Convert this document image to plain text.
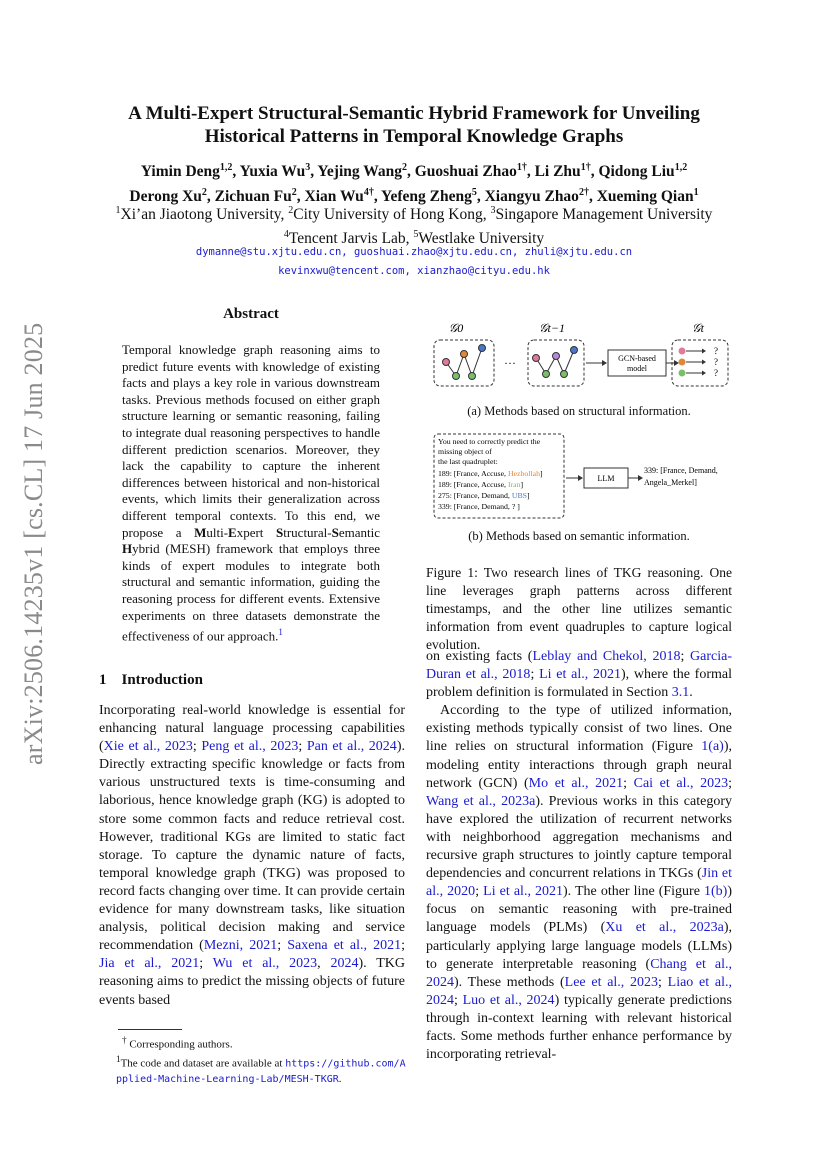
arXiv:2506.14235v1 [cs.CL] 17 Jun 2025
A Multi-Expert Structural-Semantic Hybrid Framework for Unveiling Historical Patterns in Temporal Knowledge Graphs
Yimin Deng$^{1,2}$, Yuxia Wu$^3$, Yejing Wang$^2$, Guoshuai Zhao$^{1\dagger}$, Li Zhu$^{1\dagger}$, Qidong Liu$^{1,2}$
Derong Xu$^2$, Zichuan Fu$^2$, Xian $Wu^{4\dagger}$, Yefeng Zheng$^5$, Xiangyu Zhao$^{2\dagger}$, Xueming Qian$^1$
$^1$Xi’an Jiaotong University, $^2$City University of Hong Kong, $^3$Singapore Management University
$^4$Tencent Jarvis Lab, $^5$Westlake University
dymanne@stu.xjtu.edu.cn, guoshuai.zhao@xjtu.edu.cn, zhuli@xjtu.edu.cn
kevinxwu@tencent.com, xianzhao@cityu.edu.hk
Abstract
Temporal knowledge graph reasoning aims to predict future events with knowledge of existing facts and plays a key role in various downstream tasks. Previous methods focused on either graph structure learning or semantic reasoning, failing to integrate dual reasoning perspectives to handle different prediction scenarios. Moreover, they lack the capability to capture the inherent differences between historical and non-historical events, which limits their generalization across different temporal contexts. To this end, we propose a Multi-Expert Structural-Semantic Hybrid (MESH) framework that employs three kinds of expert modules to integrate both structural and semantic information, guiding the reasoning process for different events. Extensive experiments on three datasets demonstrate the effectiveness of our approach.$^1$
1 Introduction
Incorporating real-world knowledge is essential for enhancing natural language processing capabilities (Xie et al., 2023; Peng et al., 2023; Pan et al., 2024). Directly extracting specific knowledge or facts from various unstructured texts is time-consuming and laborious, hence knowledge graph (KG) is adopted to store some common facts and reduce retrieval cost. However, traditional KGs are limited to static fact storage. To capture the dynamic nature of facts, temporal knowledge graph (TKG) was proposed to record facts changing over time. It can provide certain evidence for many downstream tasks, like situation analysis, political decision making and service recommendation (Mezni, 2021; Saxena et al., 2021; Jia et al., 2021; Wu et al., 2023, 2024). TKG reasoning aims to predict the missing objects of future events based
† Corresponding authors.
$^1$The code and dataset are available at https://github.com/Applied-Machine-Learning-Lab/MESH-TKGR.
𝒢0	𝒢t−1	𝒢t
···	GCN-based
model
?
?
?
(a) Methods based on structural information.
You need to correctly predict the missing object of the last quadruplet:
189: [France, Accuse, Hezbollah]
189: [France, Accuse, Iran]
275: [France, Demand, UBS]
339: [France, Demand, ? ]
LLM
339: [France, Demand, Angela_Merkel]
(b) Methods based on semantic information.
Figure 1: Two research lines of TKG reasoning. One line leverages graph patterns across different timestamps, and the other line utilizes semantic information from event quadruples to capture logical evolution.
on existing facts (Leblay and Chekol, 2018; Garcia-Duran et al., 2018; Li et al., 2021), where the formal problem definition is formulated in Section 3.1.
According to the type of utilized information, existing methods typically consist of two lines. One line relies on structural information (Figure 1(a)), modeling entity interactions through graph neural network (GCN) (Mo et al., 2021; Cai et al., 2023; Wang et al., 2023a). Previous works in this category have explored the utilization of recurrent networks with neighborhood aggregation mechanisms and recursive graph structures to jointly capture temporal dependencies and concurrent relations in TKGs (Jin et al., 2020; Li et al., 2021). The other line (Figure 1(b)) focus on semantic reasoning with pre-trained language models (PLMs) (Xu et al., 2023a), particularly applying large language models (LLMs) to generate interpretable reasoning (Chang et al., 2024). These methods (Lee et al., 2023; Liao et al., 2024; Luo et al., 2024) typically generate predictions through in-context learning with relevant historical facts. Some methods further enhance performance by incorporating retrieval-
